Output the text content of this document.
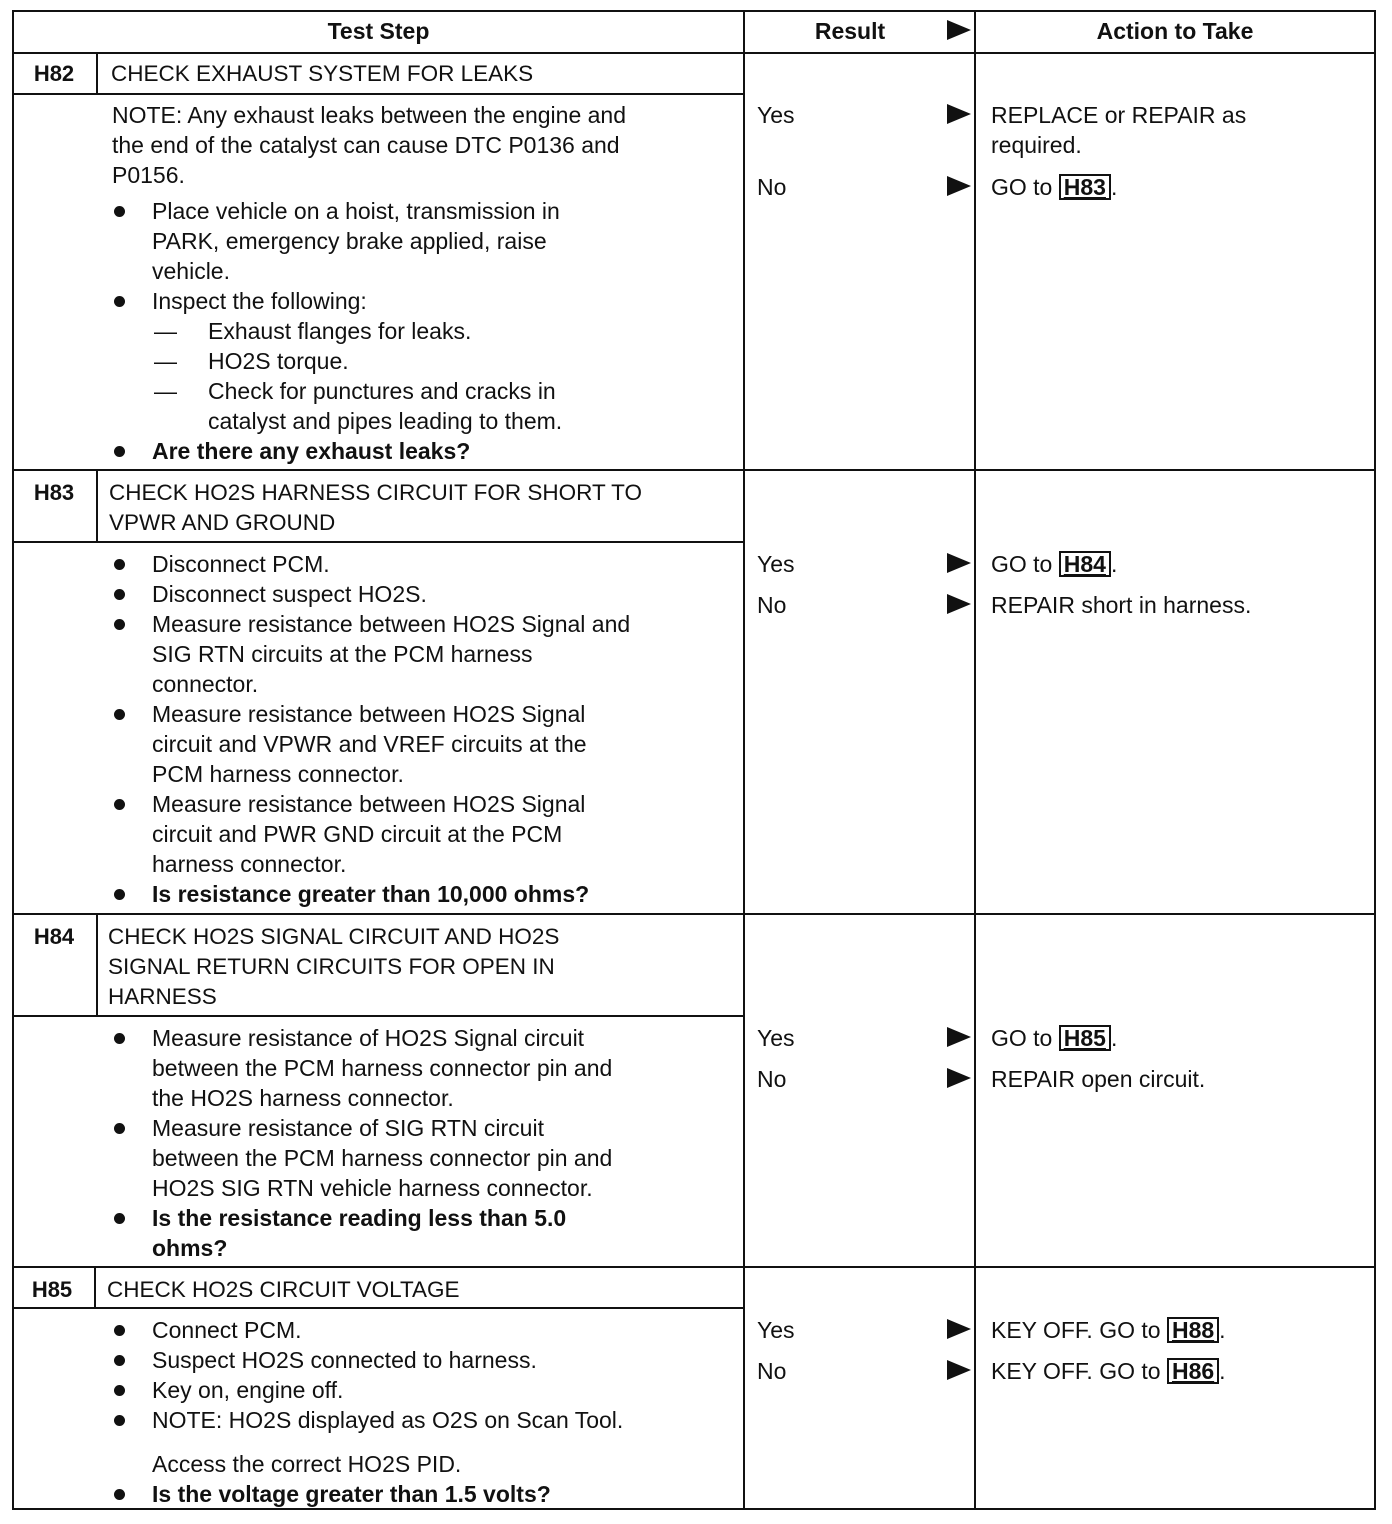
Test Step	Result	Action to Take
H82	CHECK EXHAUST SYSTEM FOR LEAKS
NOTE: Any exhaust leaks between the engine and
the end of the catalyst can cause DTC P0136 and
P0156.
Place vehicle on a hoist, transmission in
PARK, emergency brake applied, raise
vehicle.
Inspect the following:
— Exhaust flanges for leaks.
— HO2S torque.
— Check for punctures and cracks in
catalyst and pipes leading to them.
Are there any exhaust leaks?
Yes	REPLACE or REPAIR as
required.
No	GO to H83 .
H83	CHECK HO2S HARNESS CIRCUIT FOR SHORT TO
VPWR AND GROUND
Disconnect PCM.
Disconnect suspect HO2S.
Measure resistance between HO2S Signal and
SIG RTN circuits at the PCM harness
connector.
Measure resistance between HO2S Signal
circuit and VPWR and VREF circuits at the
PCM harness connector.
Measure resistance between HO2S Signal
circuit and PWR GND circuit at the PCM
harness connector.
Is resistance greater than 10,000 ohms?
Yes	GO to H84 .
No	REPAIR short in harness.
H84	CHECK HO2S SIGNAL CIRCUIT AND HO2S
SIGNAL RETURN CIRCUITS FOR OPEN IN
HARNESS
Measure resistance of HO2S Signal circuit
between the PCM harness connector pin and
the HO2S harness connector.
Measure resistance of SIG RTN circuit
between the PCM harness connector pin and
HO2S SIG RTN vehicle harness connector.
Is the resistance reading less than 5.0
ohms?
Yes	GO to H85 .
No	REPAIR open circuit.
H85	CHECK HO2S CIRCUIT VOLTAGE
Connect PCM.
Suspect HO2S connected to harness.
Key on, engine off.
NOTE: HO2S displayed as O2S on Scan Tool.
Access the correct HO2S PID.
Is the voltage greater than 1.5 volts?
Yes	KEY OFF. GO to H88 .
No	KEY OFF. GO to H86 .
